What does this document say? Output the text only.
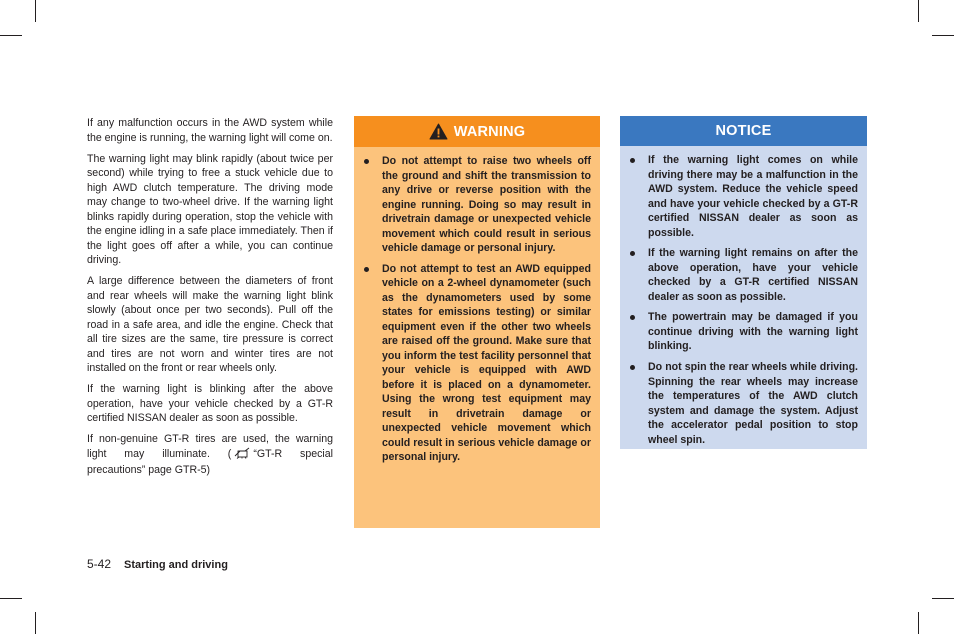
If any malfunction occurs in the AWD system while the engine is running, the warning light will come on.

The warning light may blink rapidly (about twice per second) while trying to free a stuck vehicle due to high AWD clutch temperature. The driving mode may change to two-wheel drive. If the warning light blinks rapidly during operation, stop the vehicle with the engine idling in a safe place immediately. Then if the light goes off after a while, you can continue driving.

A large difference between the diameters of front and rear wheels will make the warning light blink slowly (about once per two seconds). Pull off the road in a safe area, and idle the engine. Check that all tire sizes are the same, tire pressure is correct and tires are not worn and winter tires are not installed on the front or rear wheels only.

If the warning light is blinking after the above operation, have your vehicle checked by a GT-R certified NISSAN dealer as soon as possible.

If non-genuine GT-R tires are used, the warning light may illuminate. ( “GT-R special precautions” page GTR-5)

WARNING
Do not attempt to raise two wheels off the ground and shift the transmission to any drive or reverse position with the engine running. Doing so may result in drivetrain damage or unexpected vehicle movement which could result in serious vehicle damage or personal injury.
Do not attempt to test an AWD equipped vehicle on a 2-wheel dynamometer (such as the dynamometers used by some states for emissions testing) or similar equipment even if the other two wheels are raised off the ground. Make sure that you inform the test facility personnel that your vehicle is equipped with AWD before it is placed on a dynamometer. Using the wrong test equipment may result in drivetrain damage or unexpected vehicle movement which could result in serious vehicle damage or personal injury.
NOTICE
If the warning light comes on while driving there may be a malfunction in the AWD system. Reduce the vehicle speed and have your vehicle checked by a GT-R certified NISSAN dealer as soon as possible.
If the warning light remains on after the above operation, have your vehicle checked by a GT-R certified NISSAN dealer as soon as possible.
The powertrain may be damaged if you continue driving with the warning light blinking.
Do not spin the rear wheels while driving. Spinning the rear wheels may increase the temperatures of the AWD clutch system and damage the system. Adjust the accelerator pedal position to stop wheel spin.
5-42 Starting and driving
